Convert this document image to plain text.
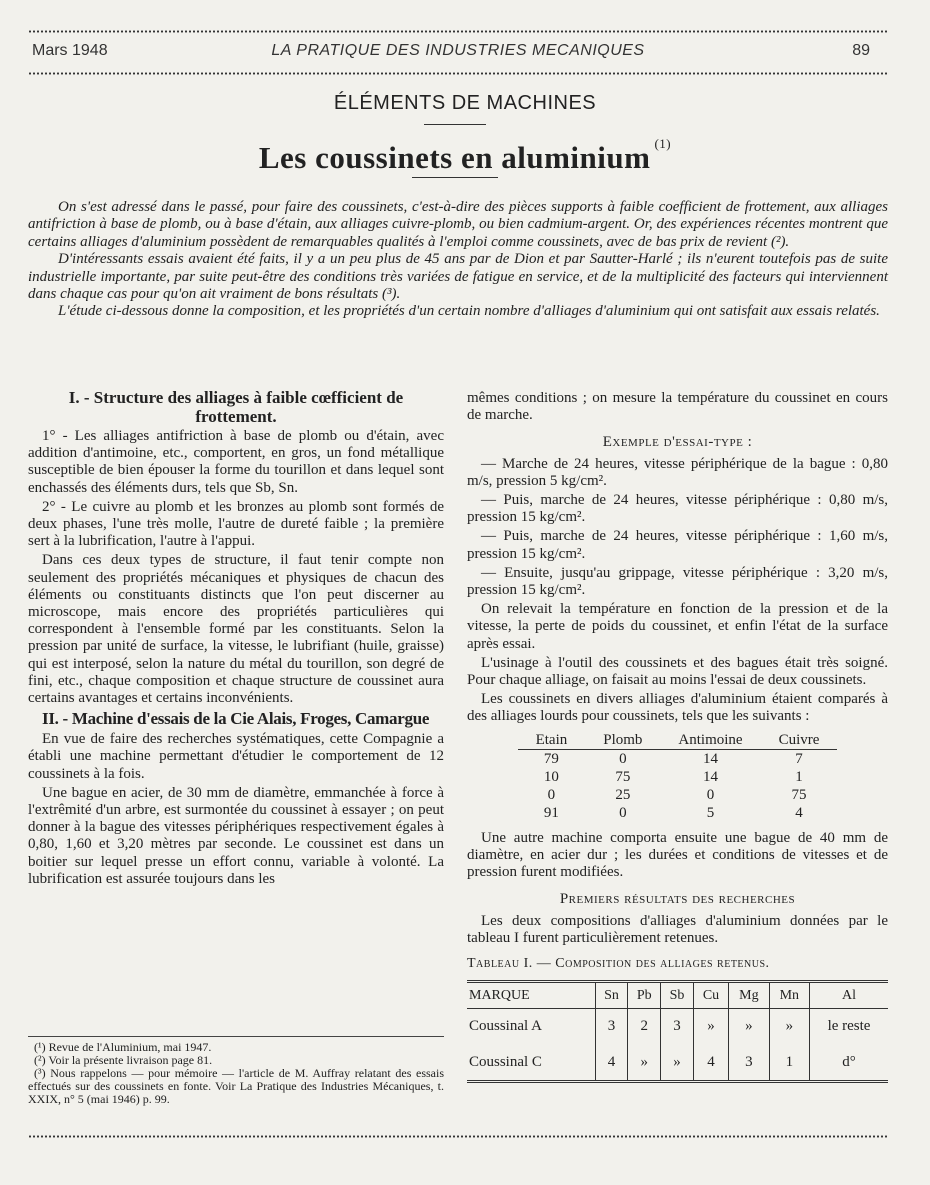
Mars 1948	LA PRATIQUE DES INDUSTRIES MECANIQUES	89
ÉLÉMENTS DE MACHINES
Les coussinets en aluminium $^{(1)}$

On s'est adressé dans le passé, pour faire des coussinets, c'est-à-dire des pièces supports à faible coefficient de frottement, aux alliages antifriction à base de plomb, ou à base d'étain, aux alliages cuivre-plomb, ou bien cadmium-argent. Or, des expériences récentes montrent que certains alliages d'aluminium possèdent de remarquables qualités à l'emploi comme coussinets, avec de bas prix de revient (²).

D'intéressants essais avaient été faits, il y a un peu plus de 45 ans par de Dion et par Sautter-Harlé ; ils n'eurent toutefois pas de suite industrielle importante, par suite peut-être des conditions très variées de fatigue en service, et de la multiplicité des facteurs qui interviennent dans chaque cas pour qu'on ait vraiment de bons résultats (³).

L'étude ci-dessous donne la composition, et les propriétés d'un certain nombre d'alliages d'aluminium qui ont satisfait aux essais relatés.

I. - Structure des alliages à faible cœfficient de frottement.

1° - Les alliages antifriction à base de plomb ou d'étain, avec addition d'antimoine, etc., comportent, en gros, un fond métallique susceptible de bien épouser la forme du tourillon et dans lequel sont enchassés des éléments durs, tels que Sb, Sn.

2° - Le cuivre au plomb et les bronzes au plomb sont formés de deux phases, l'une très molle, l'autre de dureté faible ; la première sert à la lubrification, l'autre à l'appui.

Dans ces deux types de structure, il faut tenir compte non seulement des propriétés mécaniques et physiques de chacun des éléments ou constituants distincts que l'on peut discerner au microscope, mais encore des propriétés particulières qui correspondent à l'ensemble formé par les constituants. Selon la pression par unité de surface, la vitesse, le lubrifiant (huile, graisse) qui est interposé, selon la nature du métal du tourillon, son degré de fini, etc., chaque composition et chaque structure de coussinet aura certains avantages et certains inconvénients.

II. - Machine d'essais de la Cie Alais, Froges, Camargue

En vue de faire des recherches systématiques, cette Compagnie a établi une machine permettant d'étudier le comportement de 12 coussinets à la fois.

Une bague en acier, de 30 mm de diamètre, emmanchée à force à l'extrêmité d'un arbre, est surmontée du coussinet à essayer ; on peut donner à la bague des vitesses périphériques respectivement égales à 0,80, 1,60 et 3,20 mètres par seconde. Le coussinet est dans un boitier sur lequel presse un effort connu, variable à volonté. La lubrification est assurée toujours dans les

mêmes conditions ; on mesure la température du coussinet en cours de marche.

Exemple d'essai-type :

— Marche de 24 heures, vitesse périphérique de la bague : 0,80 m/s, pression 5 kg/cm².

— Puis, marche de 24 heures, vitesse périphérique : 0,80 m/s, pression 15 kg/cm².

— Puis, marche de 24 heures, vitesse périphérique : 1,60 m/s, pression 15 kg/cm².

— Ensuite, jusqu'au grippage, vitesse périphérique : 3,20 m/s, pression 15 kg/cm².

On relevait la température en fonction de la pression et de la vitesse, la perte de poids du coussinet, et enfin l'état de la surface après essai.

L'usinage à l'outil des coussinets et des bagues était très soigné. Pour chaque alliage, on faisait au moins l'essai de deux coussinets.

Les coussinets en divers alliages d'aluminium étaient comparés à des alliages lourds pour coussinets, tels que les suivants :

Etain	Plomb	Antimoine	Cuivre
79	0	14	7
10	75	14	1
0	25	0	75
91	0	5	4

Une autre machine comporta ensuite une bague de 40 mm de diamètre, en acier dur ; les durées et conditions de vitesses et de pression furent modifiées.

Premiers résultats des recherches

Les deux compositions d'alliages d'aluminium données par le tableau I furent particulièrement retenues.

Tableau I. — Composition des alliages retenus.

MARQUE	Sn	Pb	Sb	Cu	Mg	Mn	Al
Coussinal A	3	2	3	»	»	»	le reste
Coussinal C	4	»	»	4	3	1	d°

(¹) Revue de l'Aluminium, mai 1947.

(²) Voir la présente livraison page 81.

(³) Nous rappelons — pour mémoire — l'article de M. Auffray relatant des essais effectués sur des coussinets en fonte. Voir La Pratique des Industries Mécaniques, t. XXIX, n° 5 (mai 1946) p. 99.
